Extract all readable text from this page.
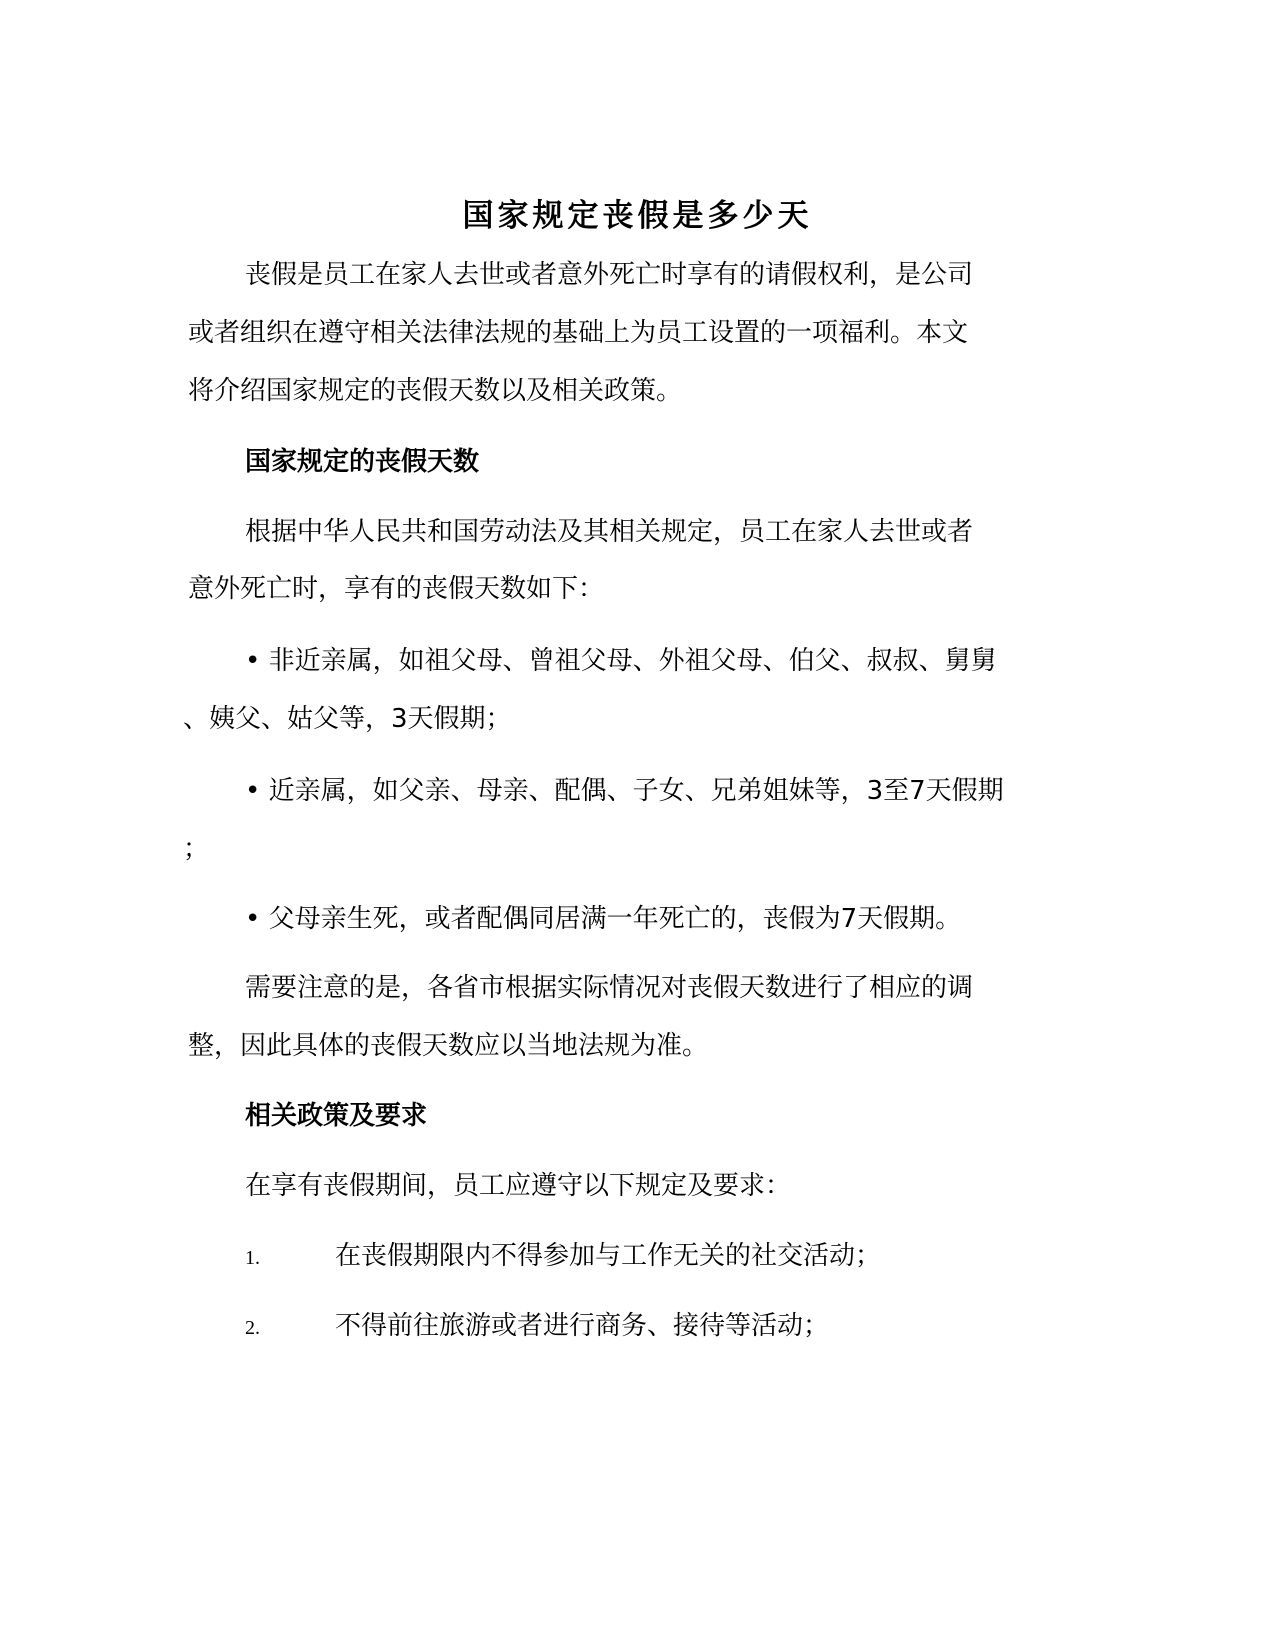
国家规定丧假是多少天
丧假是员工在家人去世或者意外死亡时享有的请假权利，是公司
或者组织在遵守相关法律法规的基础上为员工设置的一项福利。本文
将介绍国家规定的丧假天数以及相关政策。
国家规定的丧假天数
根据中华人民共和国劳动法及其相关规定，员工在家人去世或者
意外死亡时，享有的丧假天数如下：
• 非近亲属，如祖父母、曾祖父母、外祖父母、伯父、叔叔、舅舅
、姨父、姑父等，3天假期；
• 近亲属，如父亲、母亲、配偶、子女、兄弟姐妹等，3至7天假期
；
• 父母亲生死，或者配偶同居满一年死亡的，丧假为7天假期。
需要注意的是，各省市根据实际情况对丧假天数进行了相应的调
整，因此具体的丧假天数应以当地法规为准。
相关政策及要求
在享有丧假期间，员工应遵守以下规定及要求：
1.	在丧假期限内不得参加与工作无关的社交活动；
2.	不得前往旅游或者进行商务、接待等活动；
